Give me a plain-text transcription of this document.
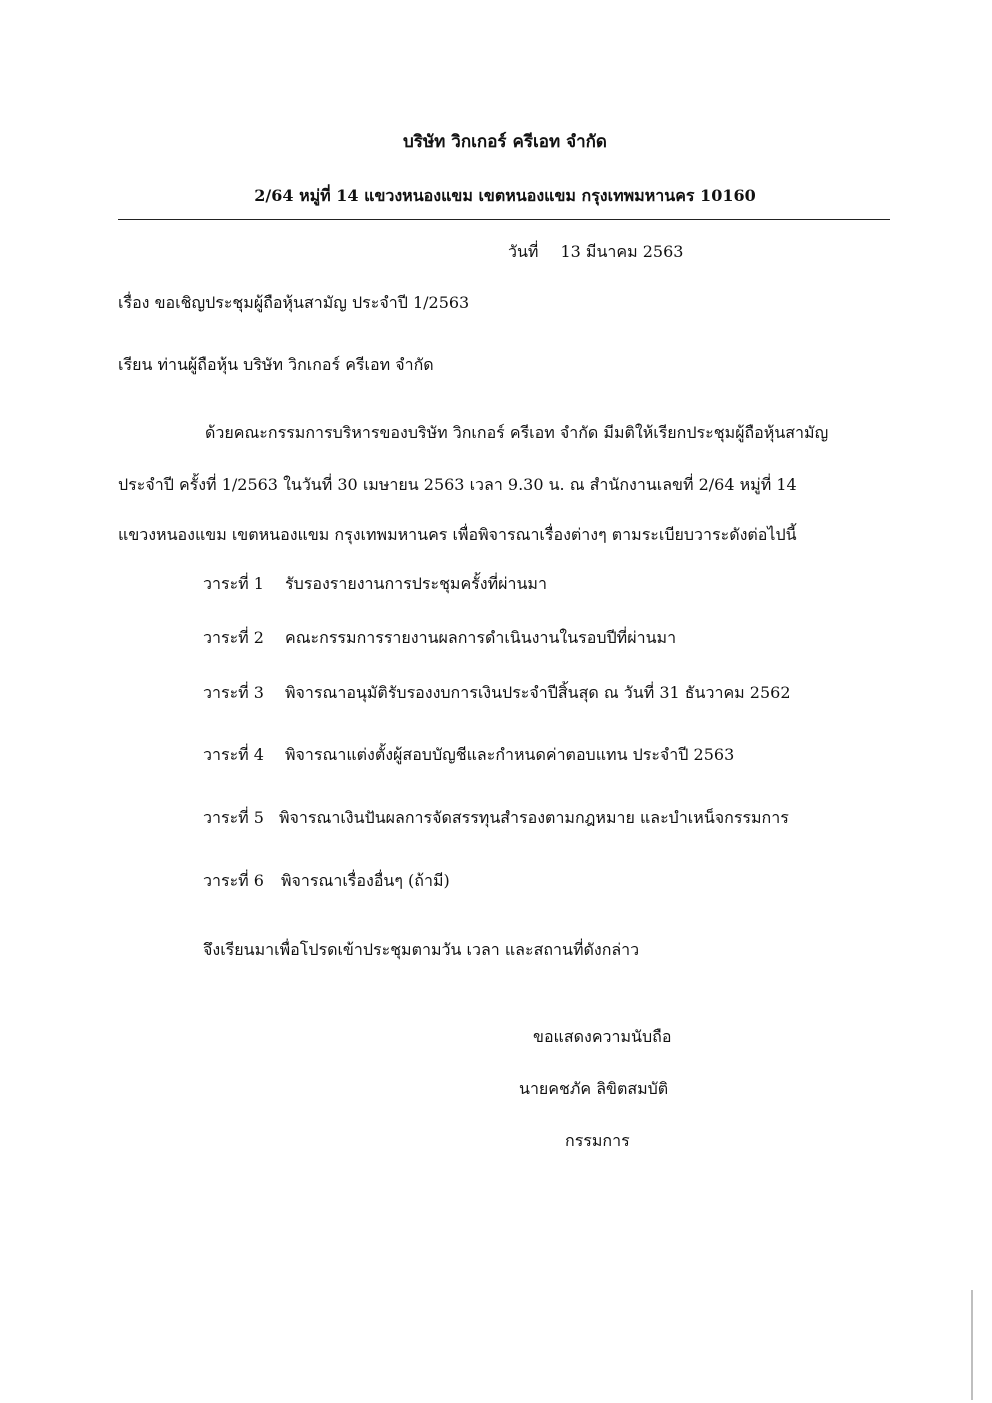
บริษัท วิกเกอร์ ครีเอท จำกัด
2/64 หมู่ที่ 14 แขวงหนองแขม เขตหนองแขม กรุงเทพมหานคร 10160
วันที่ 13 มีนาคม 2563
เรื่อง ขอเชิญประชุมผู้ถือหุ้นสามัญ ประจำปี 1/2563
เรียน ท่านผู้ถือหุ้น บริษัท วิกเกอร์ ครีเอท จำกัด
ด้วยคณะกรรมการบริหารของบริษัท วิกเกอร์ ครีเอท จำกัด มีมติให้เรียกประชุมผู้ถือหุ้นสามัญ
ประจำปี ครั้งที่ 1/2563 ในวันที่ 30 เมษายน 2563 เวลา 9.30 น. ณ สำนักงานเลขที่ 2/64 หมู่ที่ 14
แขวงหนองแขม เขตหนองแขม กรุงเทพมหานคร เพื่อพิจารณาเรื่องต่างๆ ตามระเบียบวาระดังต่อไปนี้
วาระที่ 1 รับรองรายงานการประชุมครั้งที่ผ่านมา
วาระที่ 2 คณะกรรมการรายงานผลการดำเนินงานในรอบปีที่ผ่านมา
วาระที่ 3 พิจารณาอนุมัติรับรองงบการเงินประจำปีสิ้นสุด ณ วันที่ 31 ธันวาคม 2562
วาระที่ 4 พิจารณาแต่งตั้งผู้สอบบัญชีและกำหนดค่าตอบแทน ประจำปี 2563
วาระที่ 5 พิจารณาเงินปันผลการจัดสรรทุนสำรองตามกฎหมาย และบำเหน็จกรรมการ
วาระที่ 6 พิจารณาเรื่องอื่นๆ (ถ้ามี)
จึงเรียนมาเพื่อโปรดเข้าประชุมตามวัน เวลา และสถานที่ดังกล่าว
ขอแสดงความนับถือ
นายคชภัค ลิขิตสมบัติ
กรรมการ
